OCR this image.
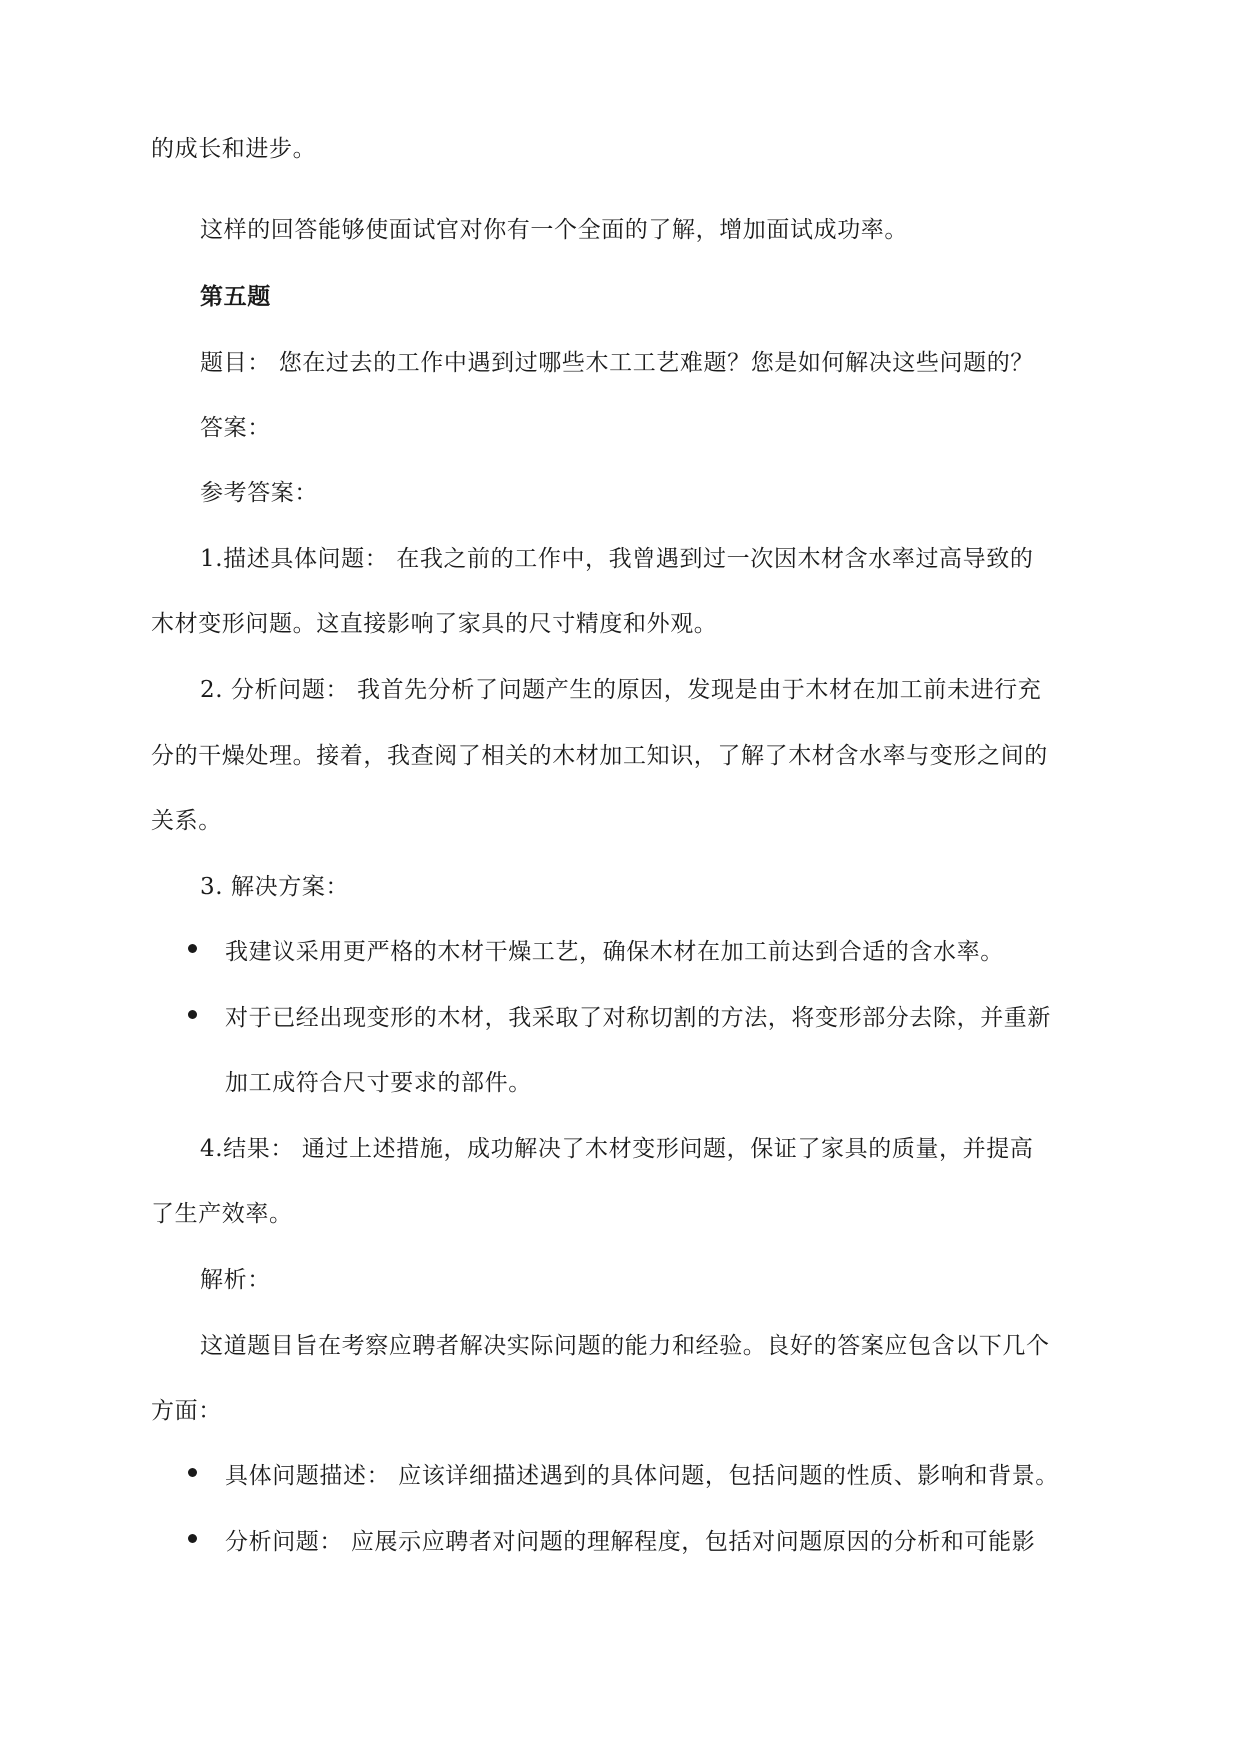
的成长和进步。
这样的回答能够使面试官对你有一个全面的了解，增加面试成功率。
第五题
题目： 您在过去的工作中遇到过哪些木工工艺难题？您是如何解决这些问题的？
答案：
参考答案：
1.描述具体问题： 在我之前的工作中，我曾遇到过一次因木材含水率过高导致的
木材变形问题。这直接影响了家具的尺寸精度和外观。
2. 分析问题： 我首先分析了问题产生的原因，发现是由于木材在加工前未进行充
分的干燥处理。接着，我查阅了相关的木材加工知识，了解了木材含水率与变形之间的
关系。
3. 解决方案：
我建议采用更严格的木材干燥工艺，确保木材在加工前达到合适的含水率。
对于已经出现变形的木材，我采取了对称切割的方法，将变形部分去除，并重新
加工成符合尺寸要求的部件。
4.结果： 通过上述措施，成功解决了木材变形问题，保证了家具的质量，并提高
了生产效率。
解析：
这道题目旨在考察应聘者解决实际问题的能力和经验。良好的答案应包含以下几个
方面：
具体问题描述： 应该详细描述遇到的具体问题，包括问题的性质、影响和背景。
分析问题： 应展示应聘者对问题的理解程度，包括对问题原因的分析和可能影
